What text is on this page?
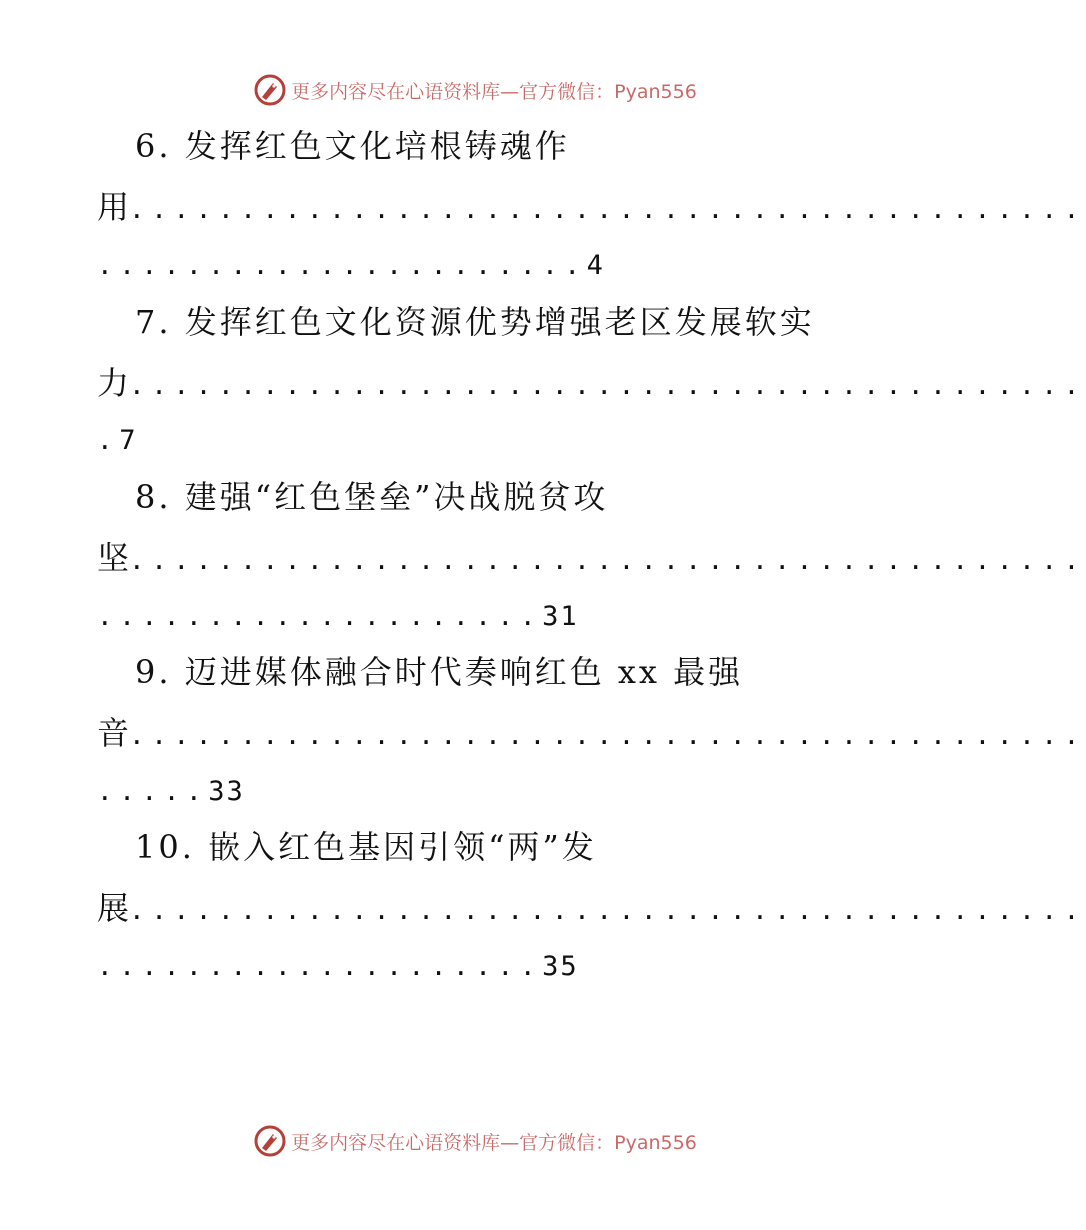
更多内容尽在心语资料库—官方微信：Pyan556
6. 发挥红色文化培根铸魂作
用...........................................
......................4
7. 发挥红色文化资源优势增强老区发展软实
力...........................................
.7
8. 建强“红色堡垒”决战脱贫攻
坚...........................................
....................31
9. 迈进媒体融合时代奏响红色 xx 最强
音...........................................
.....33
10. 嵌入红色基因引领“两”发
展...........................................
....................35
更多内容尽在心语资料库—官方微信：Pyan556
